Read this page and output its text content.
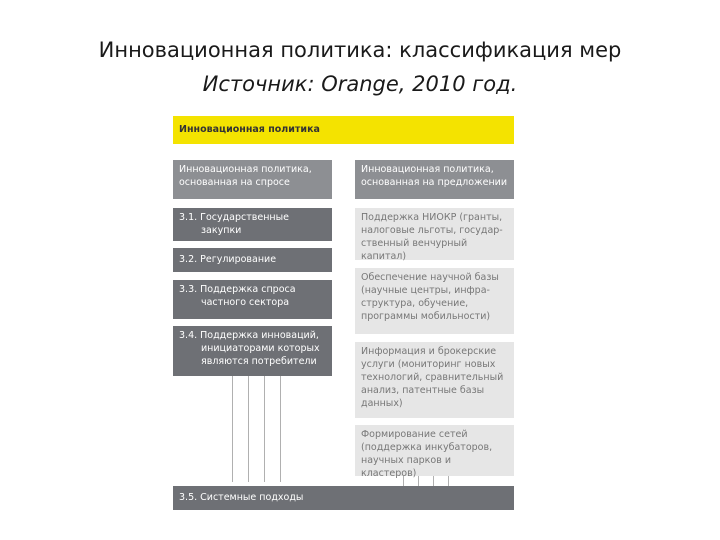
Инновационная политика: классификация мер
Источник: Orange, 2010 год.
Инновационная политика
Инновационная политика, основанная на спросе
3.1. Государственные закупки
3.2. Регулирование
3.3. Поддержка спроса частного сектора
3.4. Поддержка инноваций, инициаторами которых являются потребители
Инновационная политика, основанная на предложении
Поддержка НИОКР (гранты, налоговые льготы, государ-ственный венчурный капитал)
Обеспечение научной базы (научные центры, инфра-структура, обучение, программы мобильности)
Информация и брокерские услуги (мониторинг новых технологий, сравнительный анализ, патентные базы данных)
Формирование сетей (поддержка инкубаторов, научных парков и кластеров)
3.5. Системные подходы
